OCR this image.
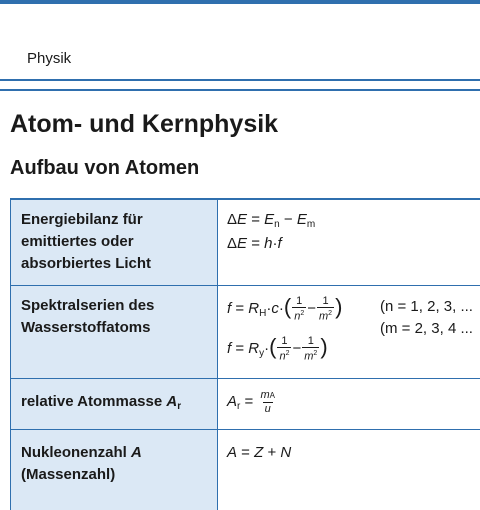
Physik
Atom- und Kernphysik
Aufbau von Atomen
Energiebilanz für
emittiertes oder
absorbiertes Licht
$\Delta E = E_n - E_m$
ΔE = h·f
Spektralserien des
Wasserstoffatoms
$f = R_H\cdot c\cdot( \frac{1}{n^2} - \frac{1}{m^2}$ )
$f = R_y\cdot( \frac{1}{n^2} - \frac{1}{m^2}$ )
(n = 1, 2, 3, ...
(m = 2, 3, 4 ...
relative Atommasse $A_r$	$A_r = \frac{mA}{u}$
Nukleonenzahl A
(Massenzahl)
A = Z + N
